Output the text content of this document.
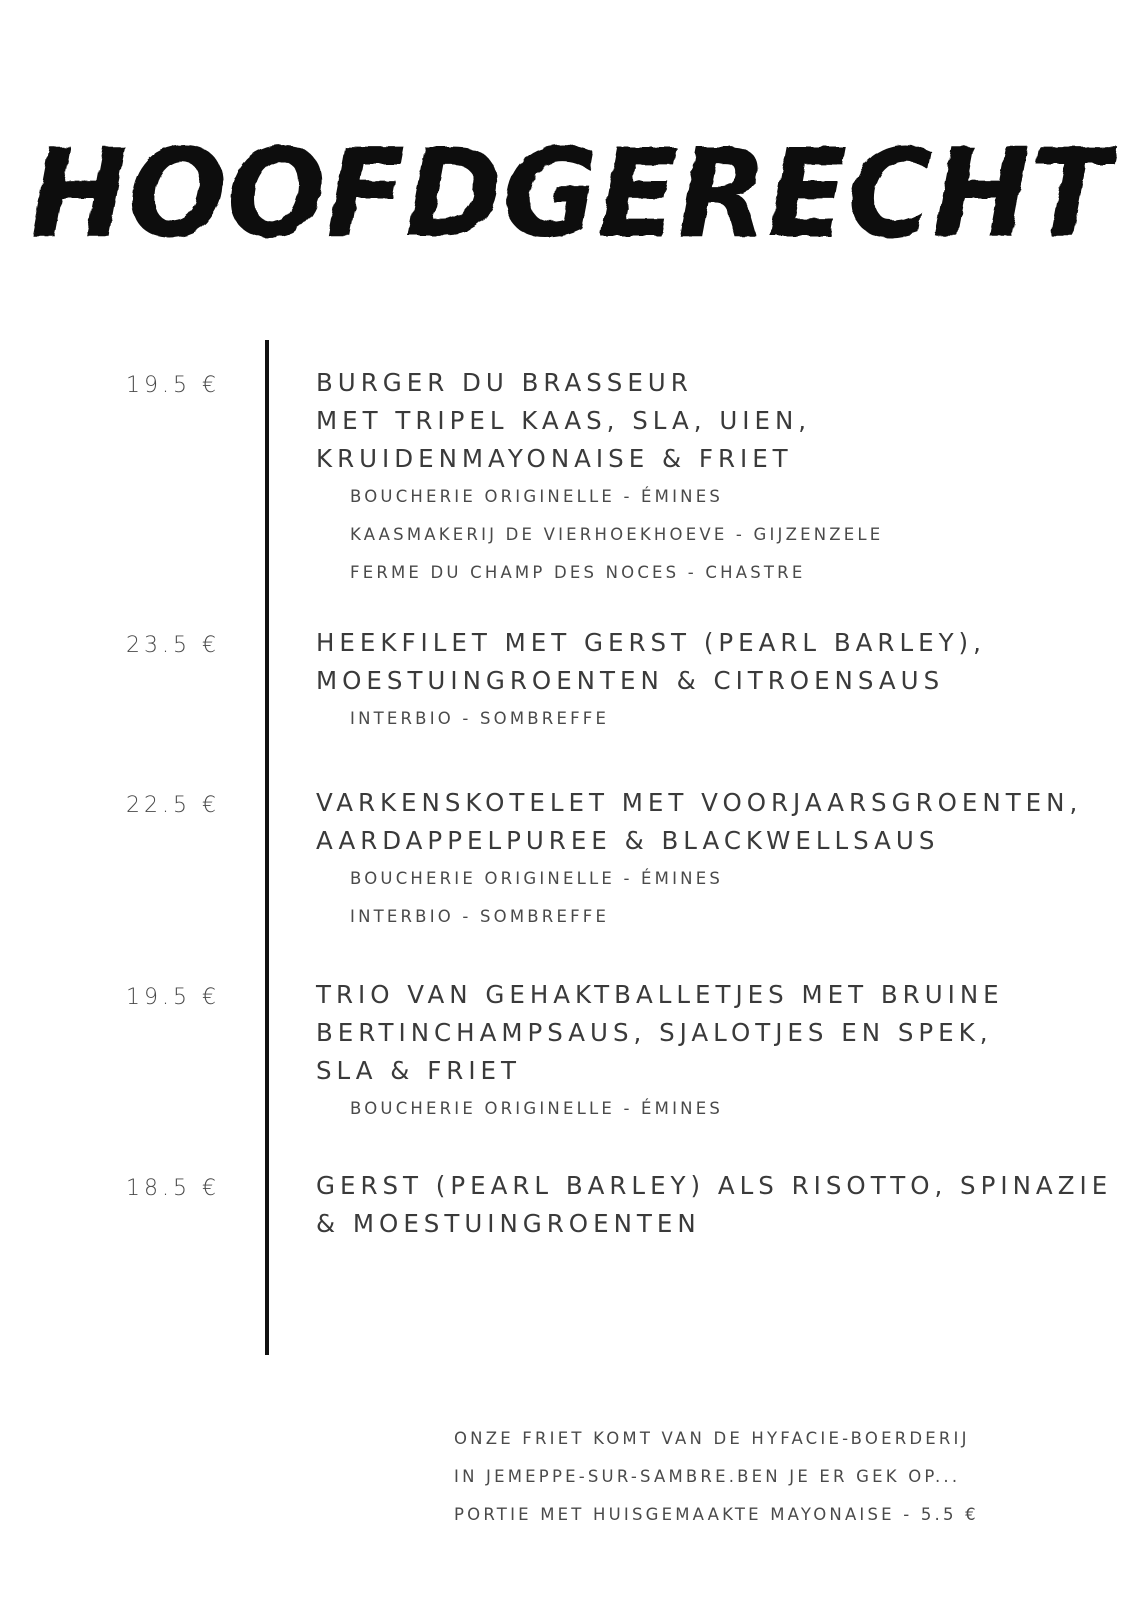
HOOFDGERECHT
19.5 €	BURGER DU BRASSEUR
MET TRIPEL KAAS, SLA, UIEN,
KRUIDENMAYONAISE & FRIET
BOUCHERIE ORIGINELLE - ÉMINES
KAASMAKERIJ DE VIERHOEKHOEVE - GIJZENZELE
FERME DU CHAMP DES NOCES - CHASTRE
23.5 €	HEEKFILET MET GERST (PEARL BARLEY),
MOESTUINGROENTEN & CITROENSAUS
INTERBIO - SOMBREFFE
22.5 €	VARKENSKOTELET MET VOORJAARSGROENTEN,
AARDAPPELPUREE & BLACKWELLSAUS
BOUCHERIE ORIGINELLE - ÉMINES
INTERBIO - SOMBREFFE
19.5 €	TRIO VAN GEHAKTBALLETJES MET BRUINE
BERTINCHAMPSAUS, SJALOTJES EN SPEK,
SLA & FRIET
BOUCHERIE ORIGINELLE - ÉMINES
18.5 €	GERST (PEARL BARLEY) ALS RISOTTO, SPINAZIE
& MOESTUINGROENTEN
ONZE FRIET KOMT VAN DE HYFACIE-BOERDERIJ
IN JEMEPPE-SUR-SAMBRE.BEN JE ER GEK OP...
PORTIE MET HUISGEMAAKTE MAYONAISE - 5.5 €
